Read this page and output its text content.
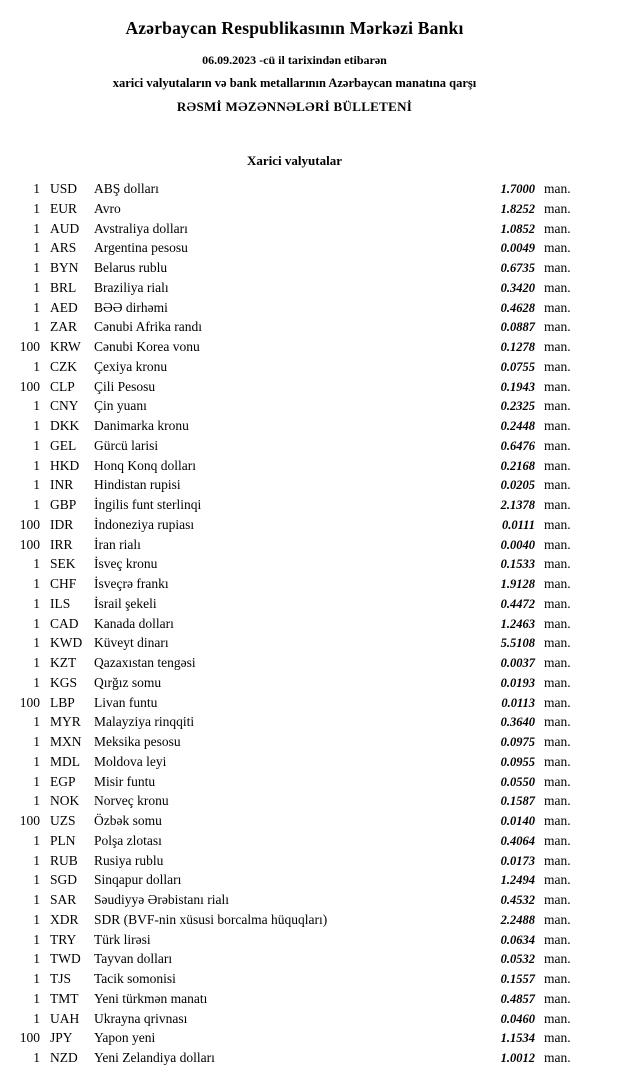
Azərbaycan Respublikasının Mərkəzi Bankı
06.09.2023 -cü il tarixindən etibarən
xarici valyutaların və bank metallarının Azərbaycan manatına qarşı
RƏSMİ MƏZƏNNƏLƏRİ BÜLLETENİ
Xarici valyutalar
1 USD	ABŞ dolları	1.7000 man.
1 EUR	Avro	1.8252 man.
1 AUD	Avstraliya dolları	1.0852 man.
1 ARS	Argentina pesosu	0.0049 man.
1 BYN	Belarus rublu	0.6735 man.
1 BRL	Braziliya rialı	0.3420 man.
1 AED	BƏƏ dirhəmi	0.4628 man.
1 ZAR	Cənubi Afrika randı	0.0887 man.
100 KRW Cənubi Korea vonu	0.1278 man.
1 CZK	Çexiya kronu	0.0755 man.
100 CLP	Çili Pesosu	0.1943 man.
1 CNY	Çin yuanı	0.2325 man.
1 DKK	Danimarka kronu	0.2448 man.
1 GEL	Gürcü larisi	0.6476 man.
1 HKD	Honq Konq dolları	0.2168 man.
1 INR	Hindistan rupisi	0.0205 man.
1 GBP	İngilis funt sterlinqi	2.1378 man.
100 IDR	İndoneziya rupiası	0.0111 man.
100 IRR	İran rialı	0.0040 man.
1 SEK	İsveç kronu	0.1533 man.
1 CHF	İsveçrə frankı	1.9128 man.
1 ILS	İsrail şekeli	0.4472 man.
1 CAD	Kanada dolları	1.2463 man.
1 KWD Küveyt dinarı	5.5108 man.
1 KZT	Qazaxıstan tengəsi	0.0037 man.
1 KGS	Qırğız somu	0.0193 man.
100 LBP	Livan funtu	0.0113 man.
1 MYR Malayziya rinqqiti	0.3640 man.
1 MXN Meksika pesosu	0.0975 man.
1 MDL	Moldova leyi	0.0955 man.
1 EGP	Misir funtu	0.0550 man.
1 NOK	Norveç kronu	0.1587 man.
100 UZS	Özbək somu	0.0140 man.
1 PLN	Polşa zlotası	0.4064 man.
1 RUB	Rusiya rublu	0.0173 man.
1 SGD	Sinqapur dolları	1.2494 man.
1 SAR	Səudiyyə Ərəbistanı rialı	0.4532 man.
1 XDR	SDR (BVF-nin xüsusi borcalma hüquqları)	2.2488 man.
1 TRY	Türk lirəsi	0.0634 man.
1 TWD Tayvan dolları	0.0532 man.
1 TJS	Tacik somonisi	0.1557 man.
1 TMT	Yeni türkmən manatı	0.4857 man.
1 UAH	Ukrayna qrivnası	0.0460 man.
100 JPY	Yapon yeni	1.1534 man.
1 NZD	Yeni Zelandiya dolları	1.0012 man.
